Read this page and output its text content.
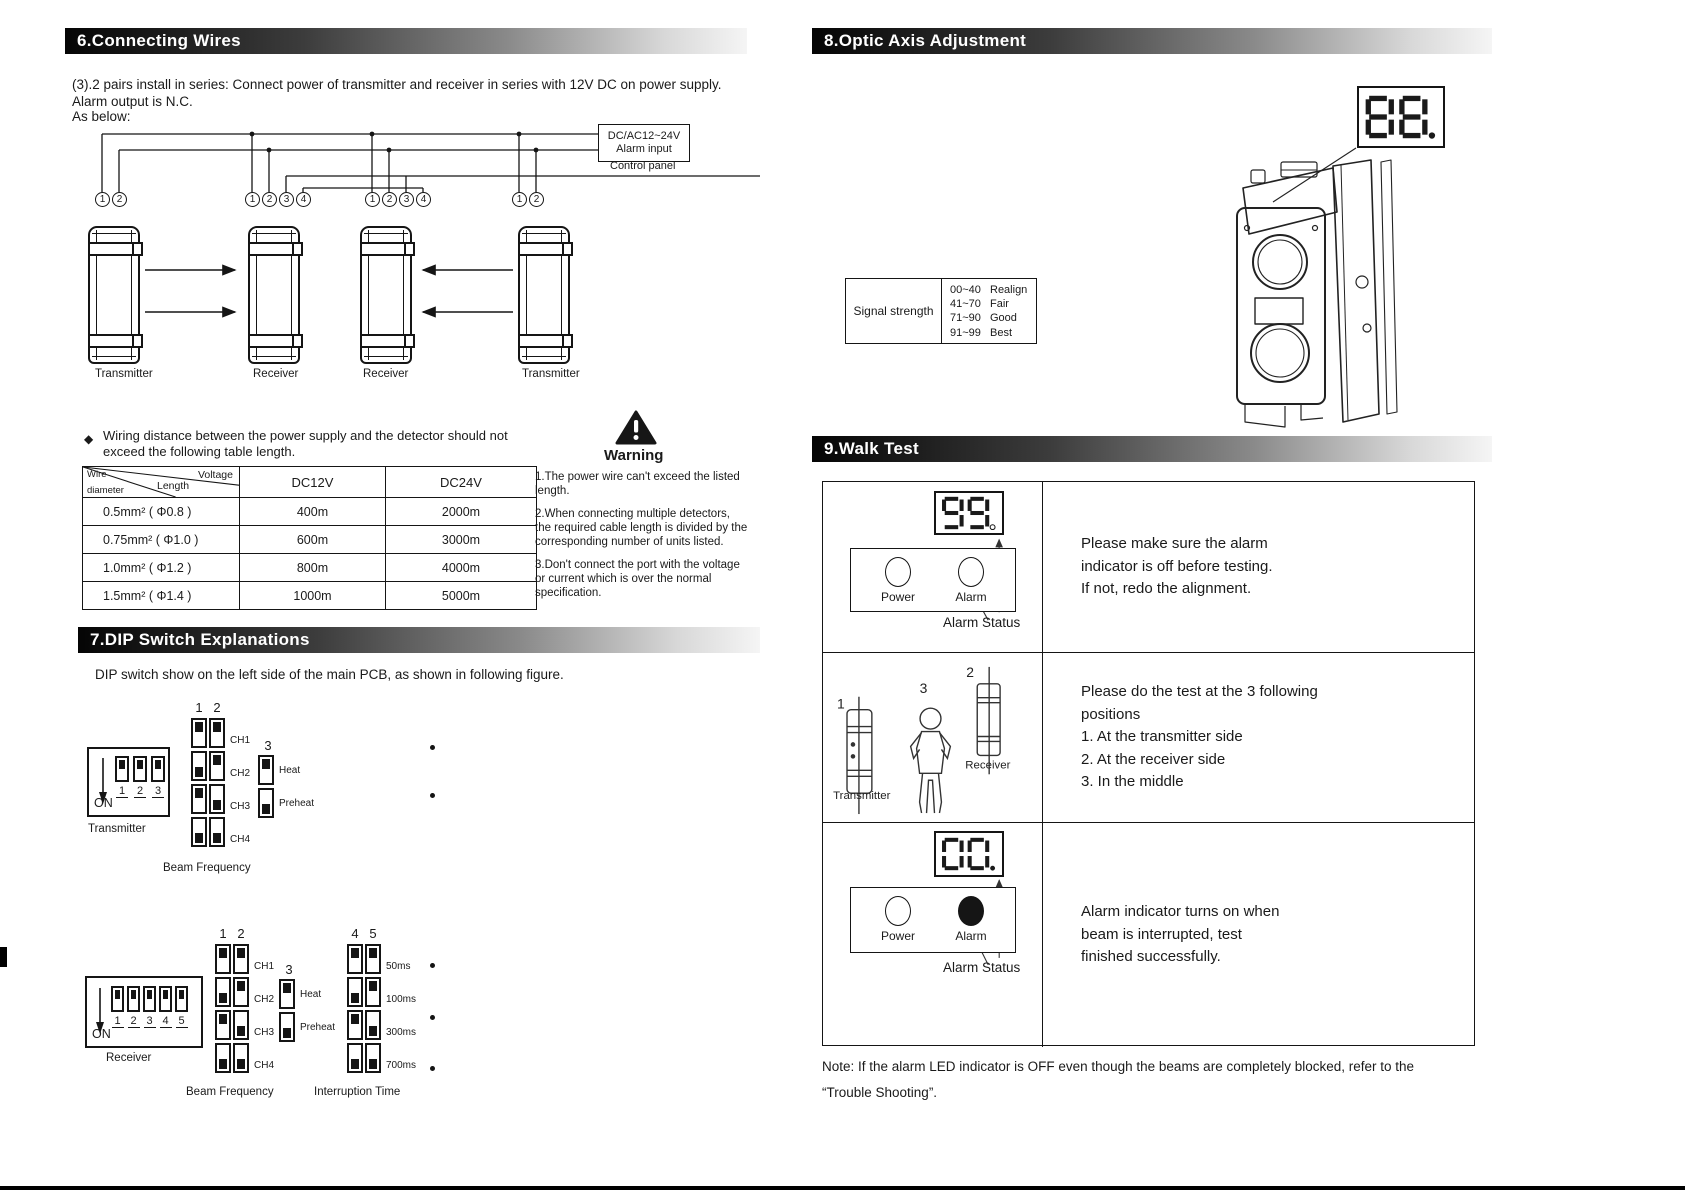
6.Connecting Wires
(3).2 pairs install in series: Connect power of transmitter and receiver in series with 12V DC on power supply. Alarm output is N.C.
As below:
DC/AC12~24V
Alarm input
Control panel
1	2	1	2	3	4	1	2	3	4	1	2
Transmitter	Receiver	Receiver	Transmitter
◆ Wiring distance between the power supply and the detector should not exceed the following table length.
Wire
diameter
Voltage
Length	DC12V	DC24V
0.5mm² ( Φ0.8 )	400m	2000m
0.75mm² ( Φ1.0 )	600m	3000m
1.0mm² ( Φ1.2 )	800m	4000m
1.5mm² ( Φ1.4 )	1000m	5000m
Warning
1.The power wire can't exceed the listed length.
2.When connecting multiple detectors, the required cable length is divided by the corresponding number of units listed.
3.Don't connect the port with the voltage or current which is over the normal specification.
7.DIP Switch Explanations
DIP switch show on the left side of the main PCB, as shown in following figure.
1 2
CH1
CH2
CH3
CH4
3
Heat
Preheat
1 2 3
ON
Transmitter
Beam Frequency
1 2
CH1
CH2
CH3
CH4
3
Heat
Preheat
4 5
50ms
100ms
300ms
700ms
1 2 3 4 5
ON
Receiver
Beam Frequency	Interruption Time
8.Optic Axis Adjustment
Signal strength
00~40 Realign
41~70 Fair
71~90 Good
91~99 Best
9.Walk Test
Power	Alarm
Alarm Status
Please make sure the alarm
indicator is off before testing.
If not, redo the alignment.
1
3
2
Receiver
Transmitter
Please do the test at the 3 following
positions
1. At the transmitter side
2. At the receiver side
3. In the middle
Power	Alarm
Alarm Status
Alarm indicator turns on when
beam is interrupted, test
finished successfully.
Note: If the alarm LED indicator is OFF even though the beams are completely blocked, refer to the
“Trouble Shooting”.
